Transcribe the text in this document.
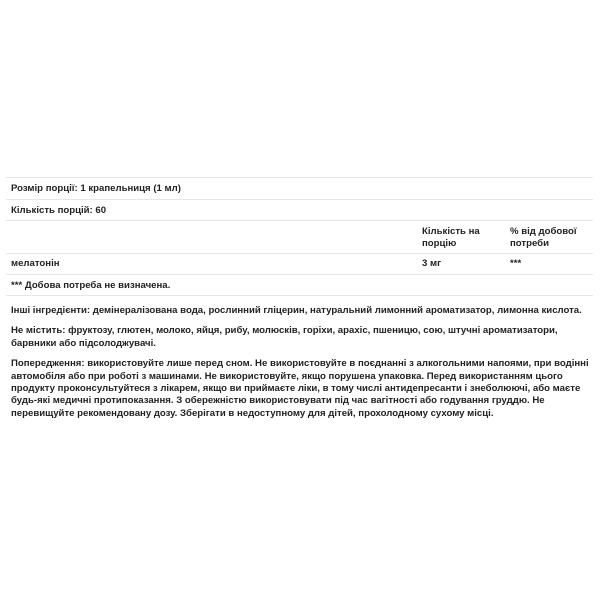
Розмір порції: 1 крапельниця (1 мл)
Кількість порцій: 60
Кількість на порцію
% від добової потреби
мелатонін	3 мг	***
*** Добова потреба не визначена.

Інші інгредієнти: демінералізована вода, рослинний гліцерин, натуральний лимонний ароматизатор, лимонна кислота.

Не містить: фруктозу, глютен, молоко, яйця, рибу, молюсків, горіхи, арахіс, пшеницю, сою, штучні ароматизатори, барвники або підсолоджувачі.

Попередження: використовуйте лише перед сном. Не використовуйте в поєднанні з алкогольними напоями, при водінні автомобіля або при роботі з машинами. Не використовуйте, якщо порушена упаковка. Перед використанням цього продукту проконсультуйтеся з лікарем, якщо ви приймаєте ліки, в тому числі антидепресанти і знеболюючі, або маєте будь-які медичні протипоказання. З обережністю використовувати під час вагітності або годування груддю. Не перевищуйте рекомендовану дозу. Зберігати в недоступному для дітей, прохолодному сухому місці.
